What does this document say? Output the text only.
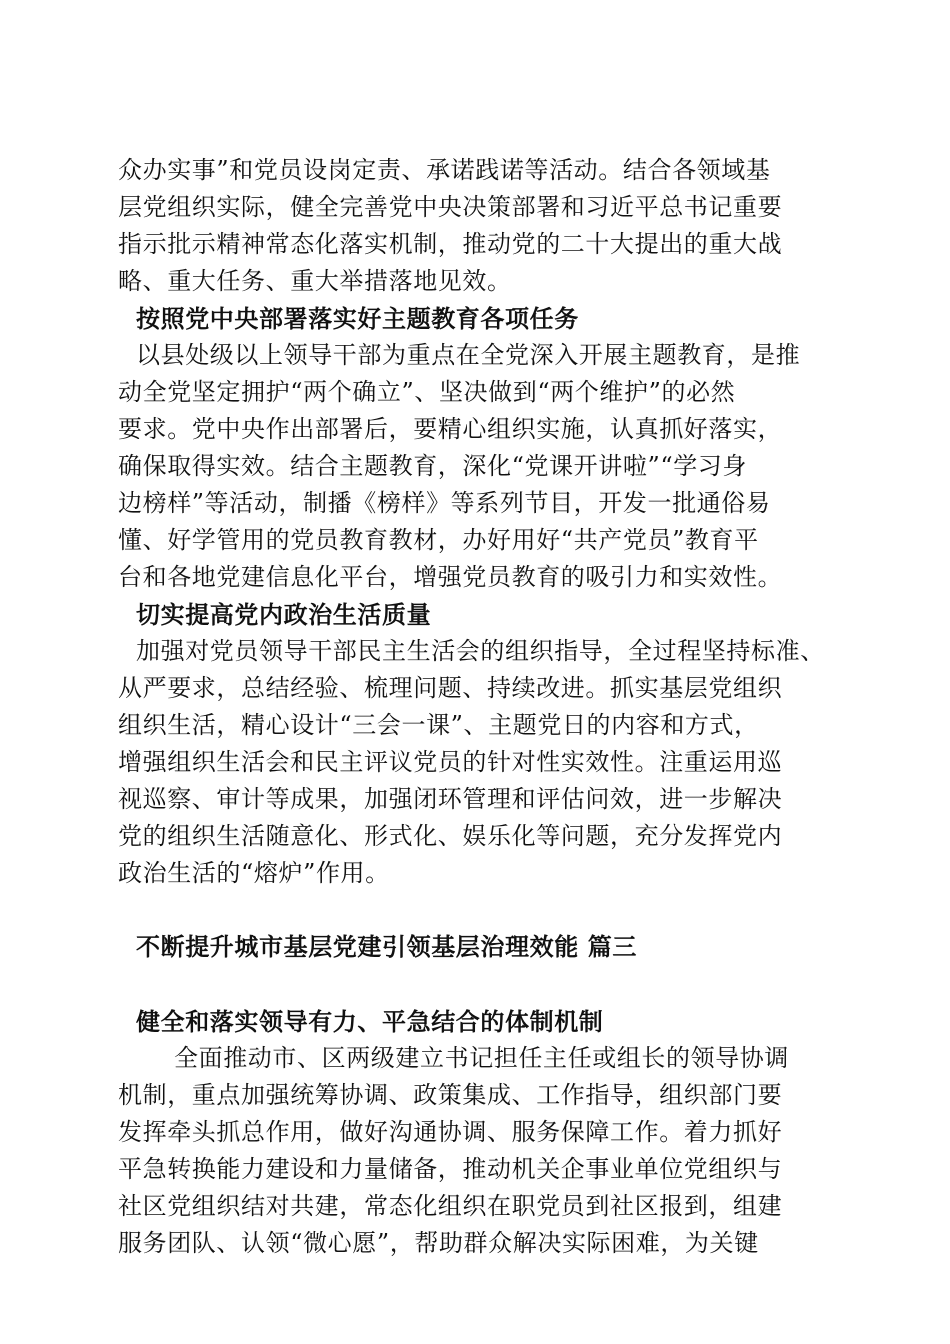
众办实事”和党员设岗定责、承诺践诺等活动。结合各领域基
层党组织实际，健全完善党中央决策部署和习近平总书记重要
指示批示精神常态化落实机制，推动党的二十大提出的重大战
略、重大任务、重大举措落地见效。
按照党中央部署落实好主题教育各项任务
以县处级以上领导干部为重点在全党深入开展主题教育，是推
动全党坚定拥护“两个确立”、坚决做到“两个维护”的必然
要求。党中央作出部署后，要精心组织实施，认真抓好落实，
确保取得实效。结合主题教育，深化“党课开讲啦”“学习身
边榜样”等活动，制播《榜样》等系列节目，开发一批通俗易
懂、好学管用的党员教育教材，办好用好“共产党员”教育平
台和各地党建信息化平台，增强党员教育的吸引力和实效性。
切实提高党内政治生活质量
加强对党员领导干部民主生活会的组织指导，全过程坚持标准、
从严要求，总结经验、梳理问题、持续改进。抓实基层党组织
组织生活，精心设计“三会一课”、主题党日的内容和方式，
增强组织生活会和民主评议党员的针对性实效性。注重运用巡
视巡察、审计等成果，加强闭环管理和评估问效，进一步解决
党的组织生活随意化、形式化、娱乐化等问题，充分发挥党内
政治生活的“熔炉”作用。
不断提升城市基层党建引领基层治理效能 篇三
健全和落实领导有力、平急结合的体制机制
全面推动市、区两级建立书记担任主任或组长的领导协调
机制，重点加强统筹协调、政策集成、工作指导，组织部门要
发挥牵头抓总作用，做好沟通协调、服务保障工作。着力抓好
平急转换能力建设和力量储备，推动机关企事业单位党组织与
社区党组织结对共建，常态化组织在职党员到社区报到，组建
服务团队、认领“微心愿”，帮助群众解决实际困难，为关键
